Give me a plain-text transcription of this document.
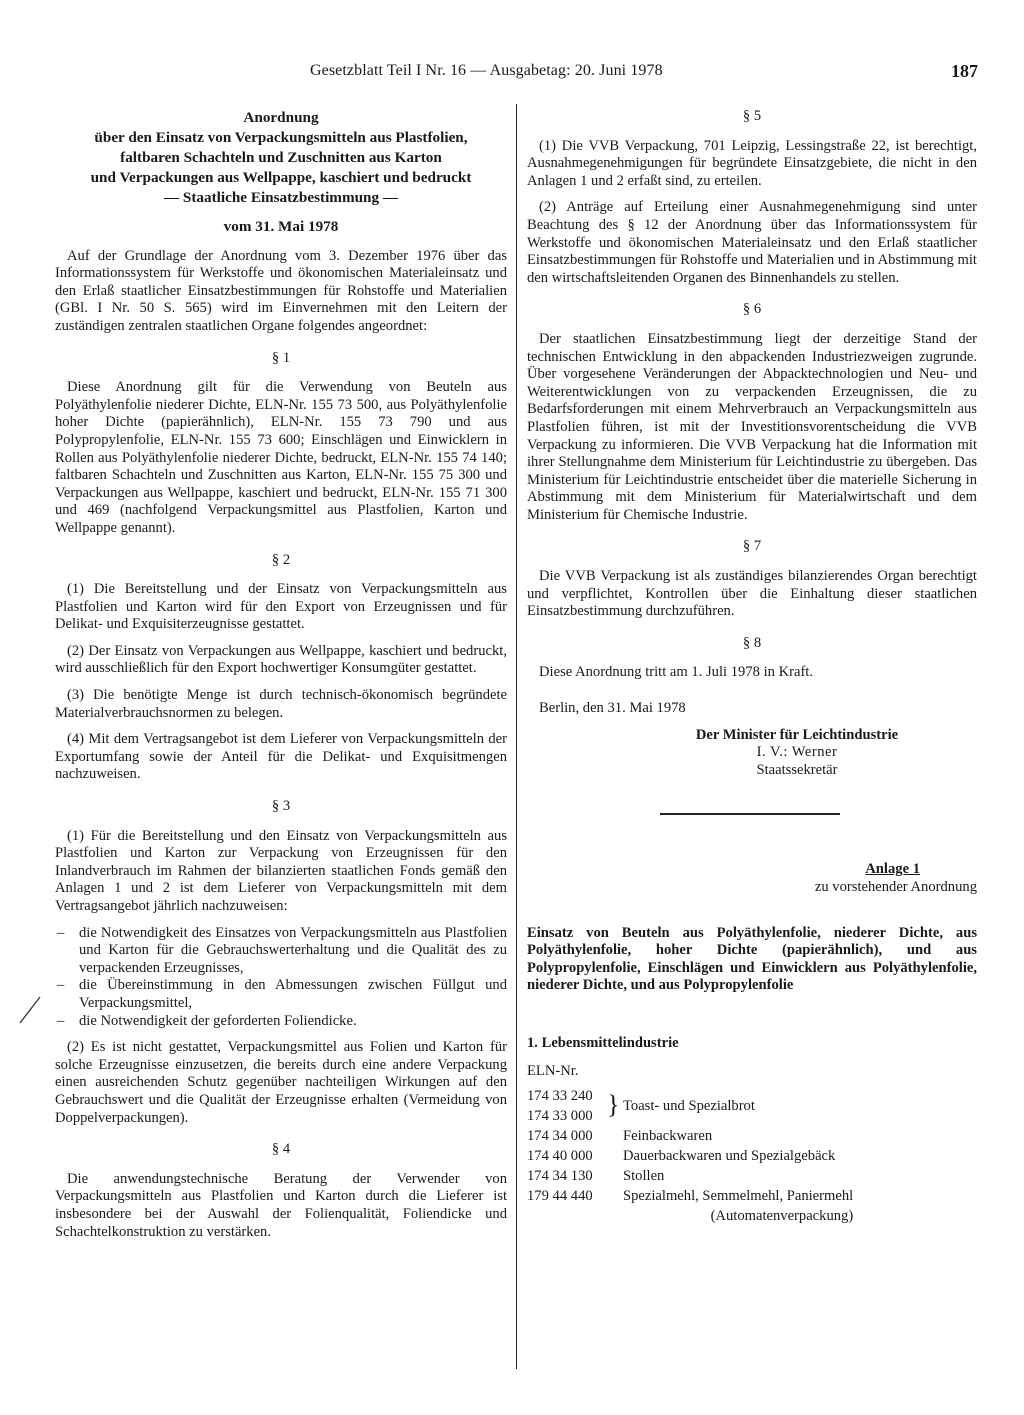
Gesetzblatt Teil I Nr. 16 — Ausgabetag: 20. Juni 1978	187
Anordnung
über den Einsatz von Verpackungsmitteln aus Plastfolien,
faltbaren Schachteln und Zuschnitten aus Karton
und Verpackungen aus Wellpappe, kaschiert und bedruckt
— Staatliche Einsatzbestimmung —
vom 31. Mai 1978

Auf der Grundlage der Anordnung vom 3. Dezember 1976 über das Informationssystem für Werkstoffe und ökonomischen Materialeinsatz und den Erlaß staatlicher Einsatzbestimmungen für Rohstoffe und Materialien (GBl. I Nr. 50 S. 565) wird im Einvernehmen mit den Leitern der zuständigen zentralen staatlichen Organe folgendes angeordnet:

§ 1

Diese Anordnung gilt für die Verwendung von Beuteln aus Polyäthylenfolie niederer Dichte, ELN-Nr. 155 73 500, aus Polyäthylenfolie hoher Dichte (papierähnlich), ELN-Nr. 155 73 790 und aus Polypropylenfolie, ELN-Nr. 155 73 600; Einschlägen und Einwicklern in Rollen aus Polyäthylenfolie niederer Dichte, bedruckt, ELN-Nr. 155 74 140; faltbaren Schachteln und Zuschnitten aus Karton, ELN-Nr. 155 75 300 und Verpackungen aus Wellpappe, kaschiert und bedruckt, ELN-Nr. 155 71 300 und 469 (nachfolgend Verpackungsmittel aus Plastfolien, Karton und Wellpappe genannt).

§ 2

(1) Die Bereitstellung und der Einsatz von Verpackungsmitteln aus Plastfolien und Karton wird für den Export von Erzeugnissen und für Delikat- und Exquisiterzeugnisse gestattet.

(2) Der Einsatz von Verpackungen aus Wellpappe, kaschiert und bedruckt, wird ausschließlich für den Export hochwertiger Konsumgüter gestattet.

(3) Die benötigte Menge ist durch technisch-ökonomisch begründete Materialverbrauchsnormen zu belegen.

(4) Mit dem Vertragsangebot ist dem Lieferer von Verpackungsmitteln der Exportumfang sowie der Anteil für die Delikat- und Exquisitmengen nachzuweisen.

§ 3

(1) Für die Bereitstellung und den Einsatz von Verpackungsmitteln aus Plastfolien und Karton zur Verpackung von Erzeugnissen für den Inlandverbrauch im Rahmen der bilanzierten staatlichen Fonds gemäß den Anlagen 1 und 2 ist dem Lieferer von Verpackungsmitteln mit dem Vertragsangebot jährlich nachzuweisen:

– die Notwendigkeit des Einsatzes von Verpackungsmitteln aus Plastfolien und Karton für die Gebrauchswerterhaltung und die Qualität des zu verpackenden Erzeugnisses,
– die Übereinstimmung in den Abmessungen zwischen Füllgut und Verpackungsmittel,
– die Notwendigkeit der geforderten Foliendicke.

(2) Es ist nicht gestattet, Verpackungsmittel aus Folien und Karton für solche Erzeugnisse einzusetzen, die bereits durch eine andere Verpackung einen ausreichenden Schutz gegenüber nachteiligen Wirkungen auf den Gebrauchswert und die Qualität der Erzeugnisse erhalten (Vermeidung von Doppelverpackungen).

§ 4

Die anwendungstechnische Beratung der Verwender von Verpackungsmitteln aus Plastfolien und Karton durch die Lieferer ist insbesondere bei der Auswahl der Folienqualität, Foliendicke und Schachtelkonstruktion zu verstärken.

§ 5

(1) Die VVB Verpackung, 701 Leipzig, Lessingstraße 22, ist berechtigt, Ausnahmegenehmigungen für begründete Einsatzgebiete, die nicht in den Anlagen 1 und 2 erfaßt sind, zu erteilen.

(2) Anträge auf Erteilung einer Ausnahmegenehmigung sind unter Beachtung des § 12 der Anordnung über das Informationssystem für Werkstoffe und ökonomischen Materialeinsatz und den Erlaß staatlicher Einsatzbestimmungen für Rohstoffe und Materialien und in Abstimmung mit den wirtschaftsleitenden Organen des Binnenhandels zu stellen.

§ 6

Der staatlichen Einsatzbestimmung liegt der derzeitige Stand der technischen Entwicklung in den abpackenden Industriezweigen zugrunde. Über vorgesehene Veränderungen der Abpacktechnologien und Neu- und Weiterentwicklungen von zu verpackenden Erzeugnissen, die zu Bedarfsforderungen mit einem Mehrverbrauch an Verpackungsmitteln aus Plastfolien führen, ist mit der Investitionsvorentscheidung die VVB Verpackung zu informieren. Die VVB Verpackung hat die Information mit ihrer Stellungnahme dem Ministerium für Leichtindustrie zu übergeben. Das Ministerium für Leichtindustrie entscheidet über die materielle Sicherung in Abstimmung mit dem Ministerium für Materialwirtschaft und dem Ministerium für Chemische Industrie.

§ 7

Die VVB Verpackung ist als zuständiges bilanzierendes Organ berechtigt und verpflichtet, Kontrollen über die Einhaltung dieser staatlichen Einsatzbestimmung durchzuführen.

§ 8

Diese Anordnung tritt am 1. Juli 1978 in Kraft.

Berlin, den 31. Mai 1978

Der Minister für Leichtindustrie
I. V.: Werner
Staatssekretär
Anlage 1
zu vorstehender Anordnung

Einsatz von Beuteln aus Polyäthylenfolie, niederer Dichte, aus Polyäthylenfolie, hoher Dichte (papierähnlich), und aus Polypropylenfolie, Einschlägen und Einwicklern aus Polyäthylenfolie, niederer Dichte, und aus Polypropylenfolie

1. Lebensmittelindustrie

ELN-Nr.
174 33 240
174 33 000	}	Toast- und Spezialbrot
174 34 000		Feinbackwaren
174 40 000		Dauerbackwaren und Spezialgebäck
174 34 130		Stollen
179 44 440		Spezialmehl, Semmelmehl, Paniermehl
		(Automatenverpackung)
